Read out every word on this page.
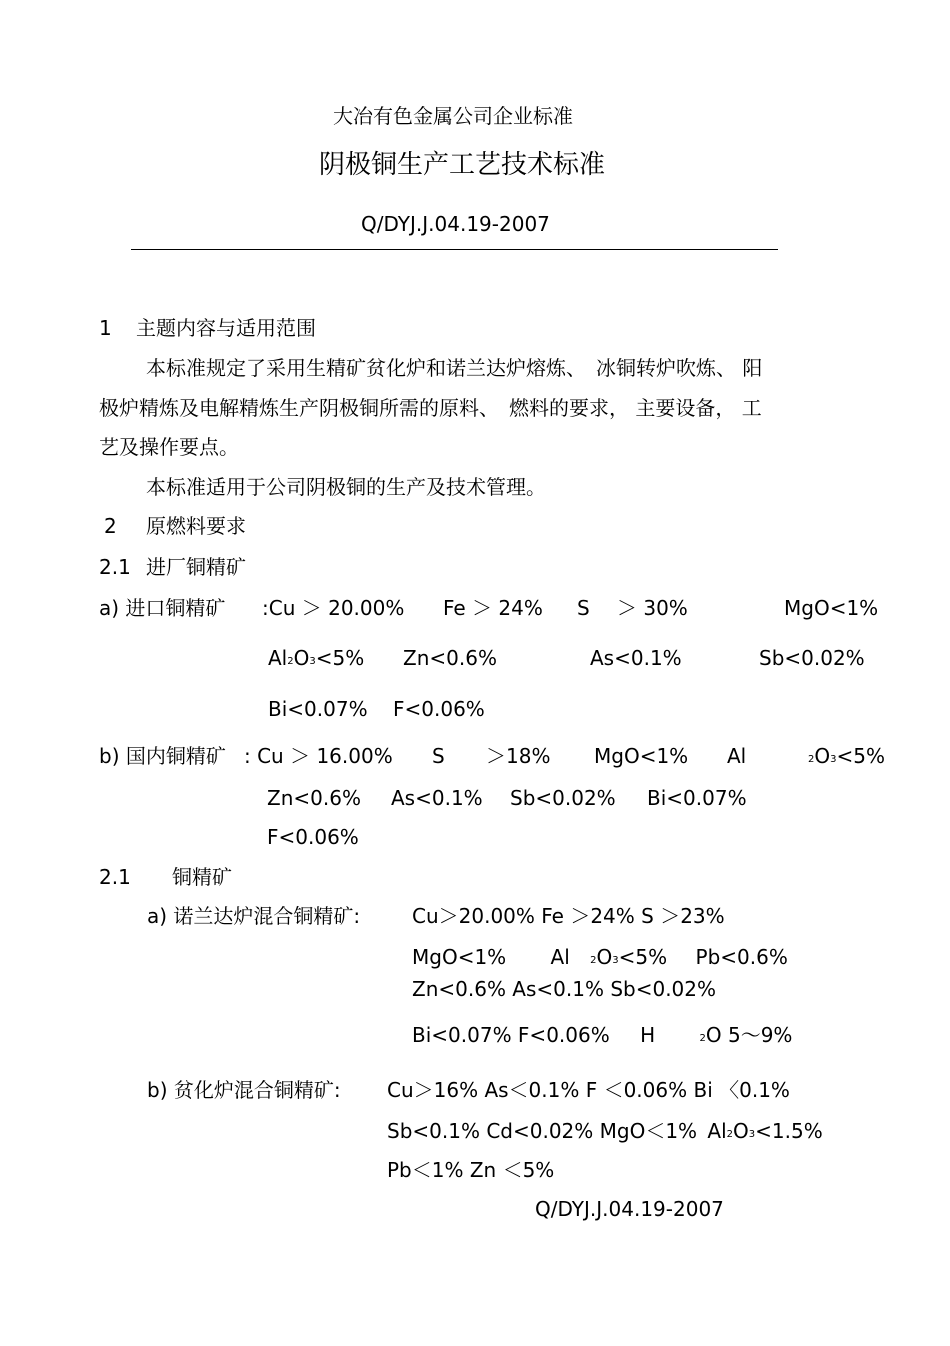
大冶有色金属公司企业标准
阴极铜生产工艺技术标准
Q/DYJ.J.04.19-2007
1 主题内容与适用范围
本标准规定了采用生精矿贫化炉和诺兰达炉熔炼、　冰铜转炉吹炼、 阳
极炉精炼及电解精炼生产阴极铜所需的原料、　燃料的要求， 主要设备， 工
艺及操作要点。
本标准适用于公司阴极铜的生产及技术管理。
2 原燃料要求
2.1 进厂铜精矿
a) 进口铜精矿 :Cu ＞ 20.00% Fe ＞ 24% S ＞ 30%	MgO<1%
Al2O3<5% Zn<0.6%	As<0.1%	Sb<0.02%
Bi<0.07% F<0.06%
b) 国内铜精矿 : Cu ＞ 16.00% S ＞18% MgO<1% Al	2O3<5%
Zn<0.6% As<0.1% Sb<0.02% Bi<0.07%
F<0.06%
2.1 铜精矿
a) 诺兰达炉混合铜精矿:	Cu＞20.00% Fe ＞24% S ＞23%
MgO<1% Al 2O3<5% Pb<0.6%
Zn<0.6% As<0.1% Sb<0.02%
Bi<0.07% F<0.06% H	2O 5～9%
b) 贫化炉混合铜精矿: Cu＞16% As＜0.1% F ＜0.06% Bi 〈0.1%
Sb<0.1% Cd<0.02% MgO＜1% Al2O3<1.5%
Pb＜1% Zn ＜5%
Q/DYJ.J.04.19-2007
